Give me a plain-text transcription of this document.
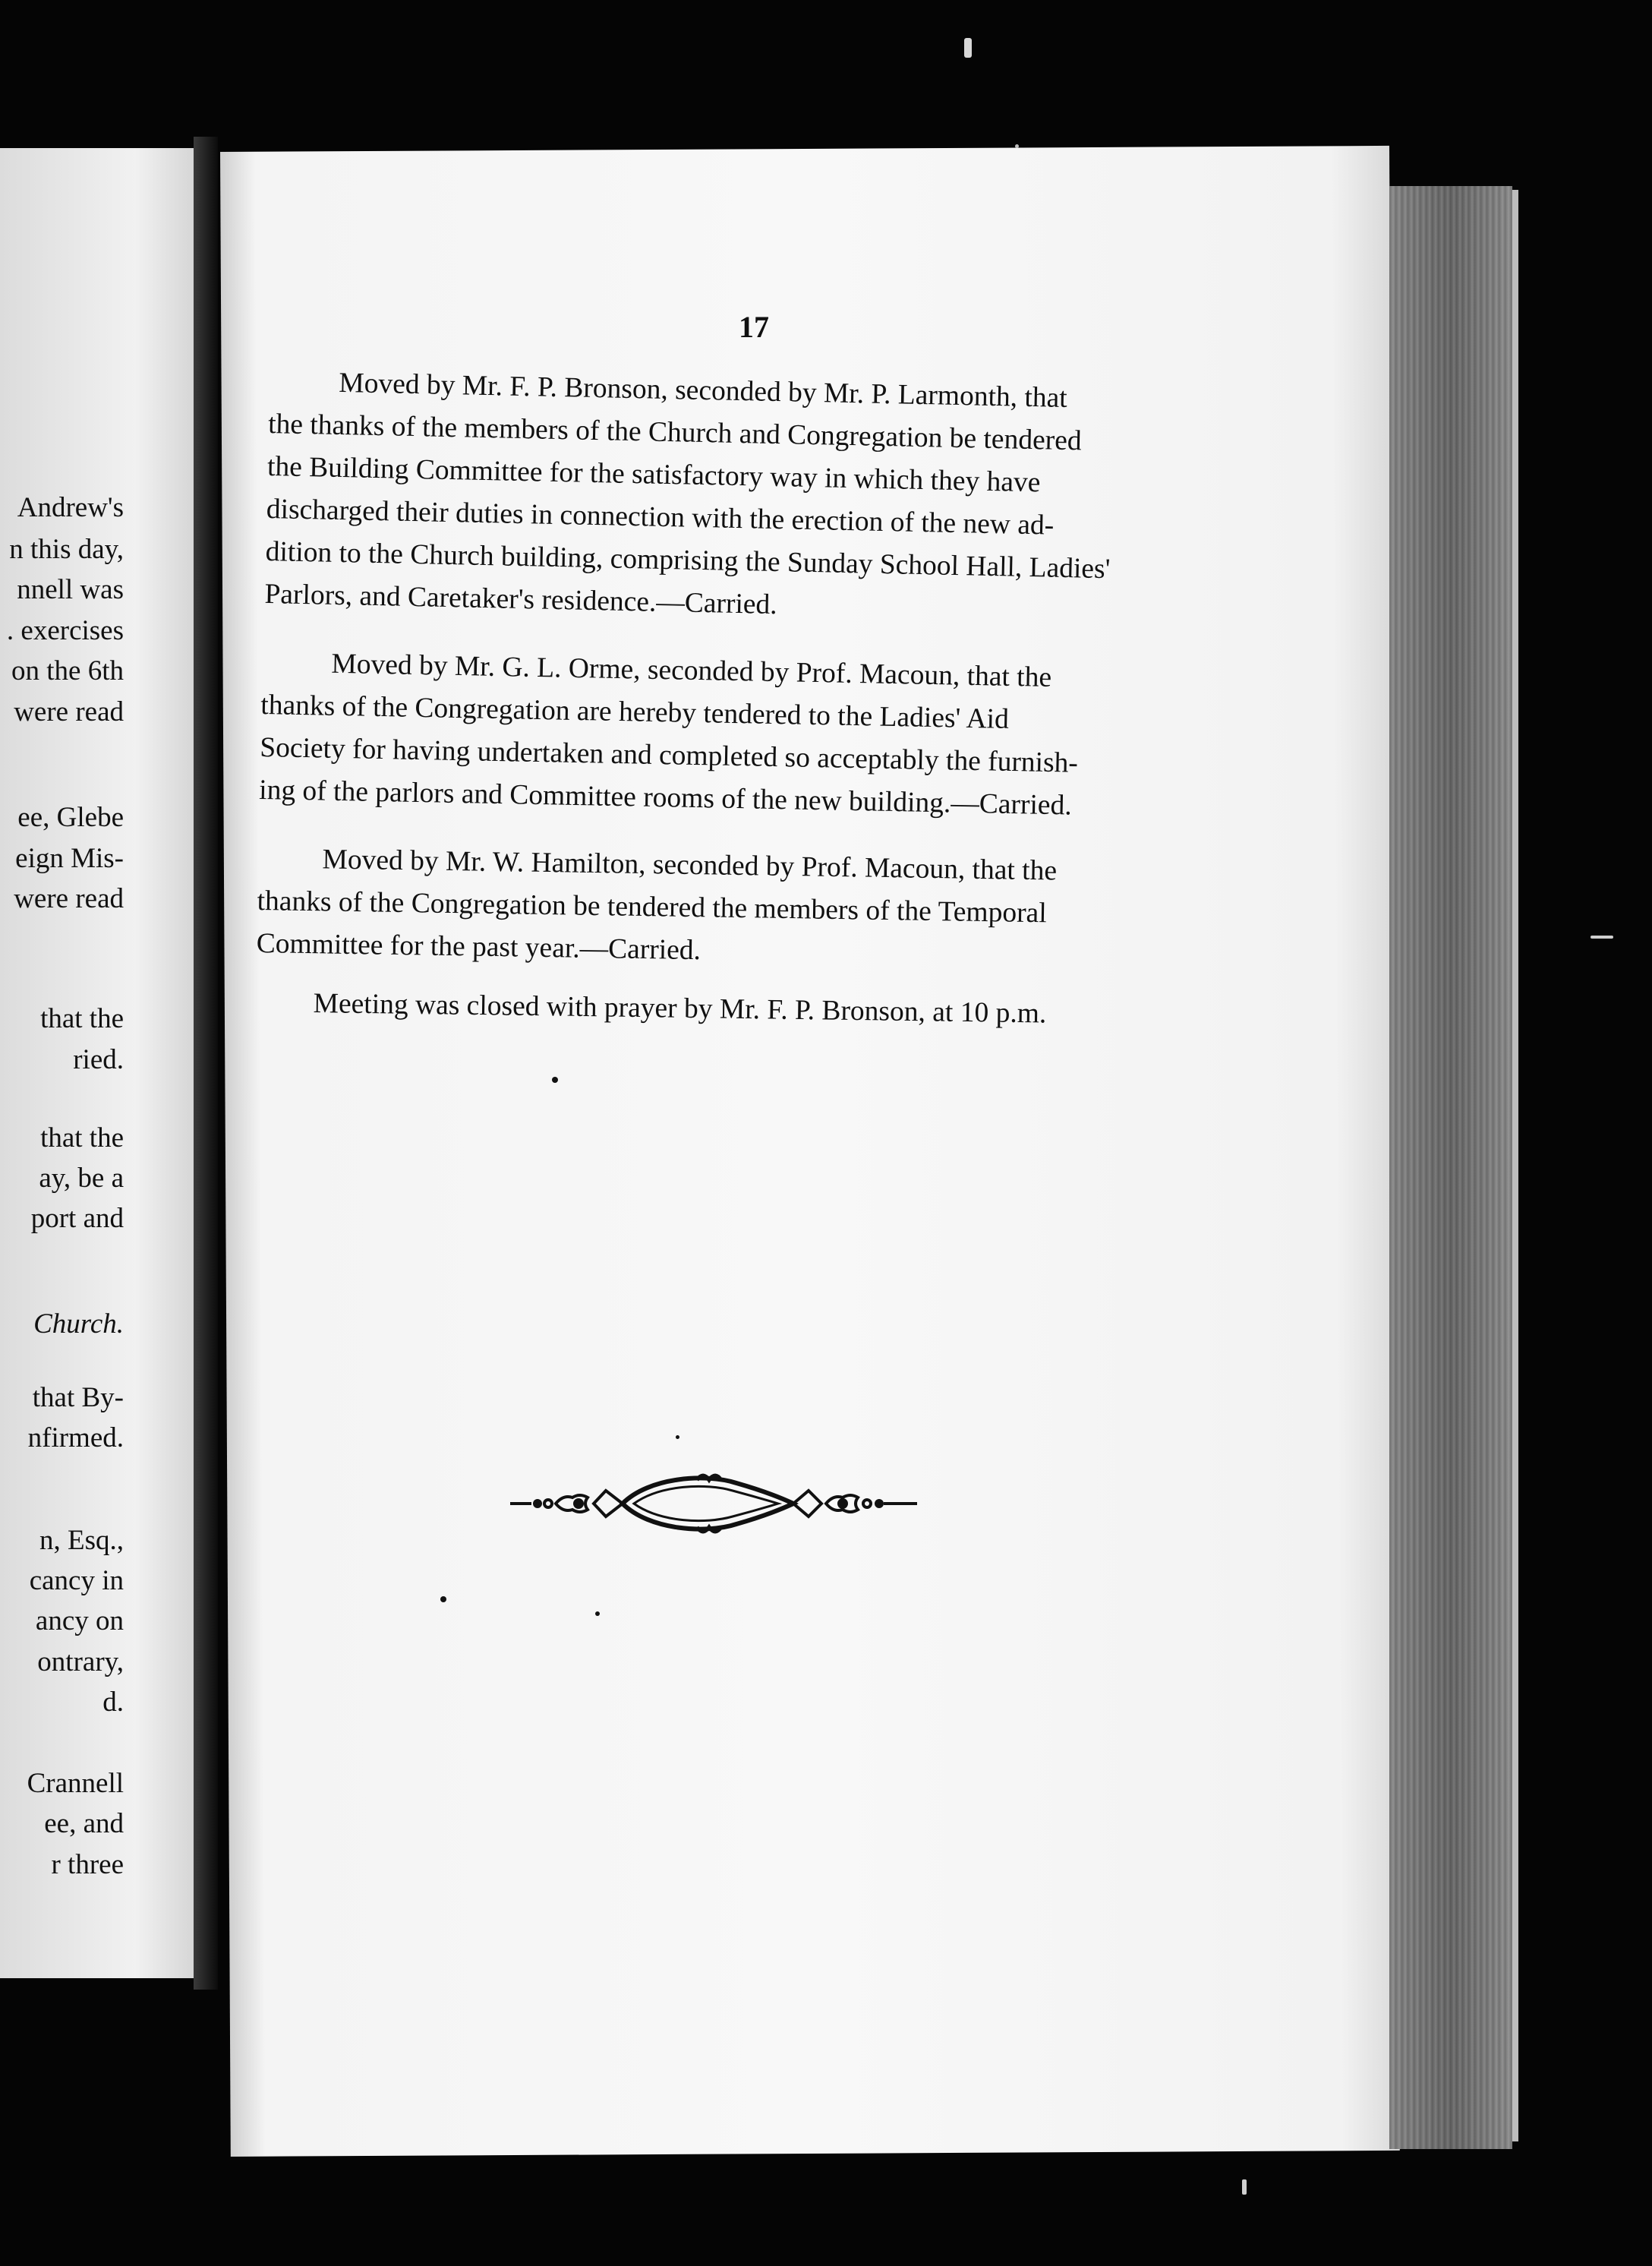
Andrew's
n this day,
nnell was
. exercises
on the 6th
were read
ee, Glebe
eign Mis-
were read
that the
ried.
that the
ay, be a
port and
Church.
that By-
nfirmed.
n, Esq.,
cancy in
ancy on
ontrary,
d.
Crannell
ee, and
r three
17
Moved by Mr. F. P. Bronson, seconded by Mr. P. Larmonth, that
the thanks of the members of the Church and Congregation be tendered
the Building Committee for the satisfactory way in which they have
discharged their duties in connection with the erection of the new ad-
dition to the Church building, comprising the Sunday School Hall, Ladies'
Parlors, and Caretaker's residence.—Carried.
Moved by Mr. G. L. Orme, seconded by Prof. Macoun, that the
thanks of the Congregation are hereby tendered to the Ladies' Aid
Society for having undertaken and completed so acceptably the furnish-
ing of the parlors and Committee rooms of the new building.—Carried.
Moved by Mr. W. Hamilton, seconded by Prof. Macoun, that the
thanks of the Congregation be tendered the members of the Temporal
Committee for the past year.—Carried.
Meeting was closed with prayer by Mr. F. P. Bronson, at 10 p.m.
